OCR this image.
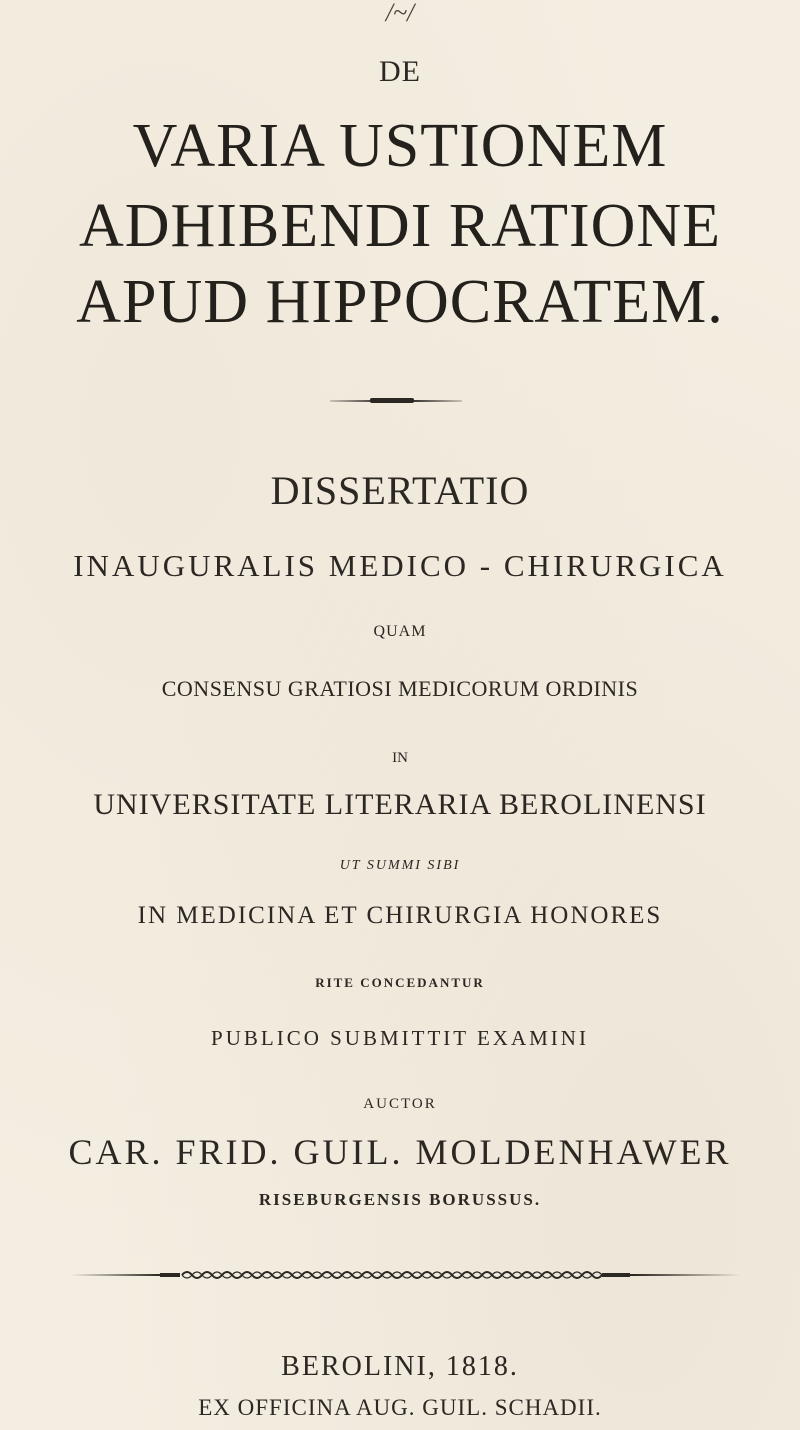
/~/
DE
VARIA USTIONEM
ADHIBENDI RATIONE
APUD HIPPOCRATEM.
DISSERTATIO
INAUGURALIS MEDICO - CHIRURGICA
QUAM
CONSENSU GRATIOSI MEDICORUM ORDINIS
IN
UNIVERSITATE LITERARIA BEROLINENSI
UT SUMMI SIBI
IN MEDICINA ET CHIRURGIA HONORES
RITE CONCEDANTUR
PUBLICO SUBMITTIT EXAMINI
AUCTOR
CAR. FRID. GUIL. MOLDENHAWER
RISEBURGENSIS BORUSSUS.
BEROLINI, 1818.
EX OFFICINA AUG. GUIL. SCHADII.
